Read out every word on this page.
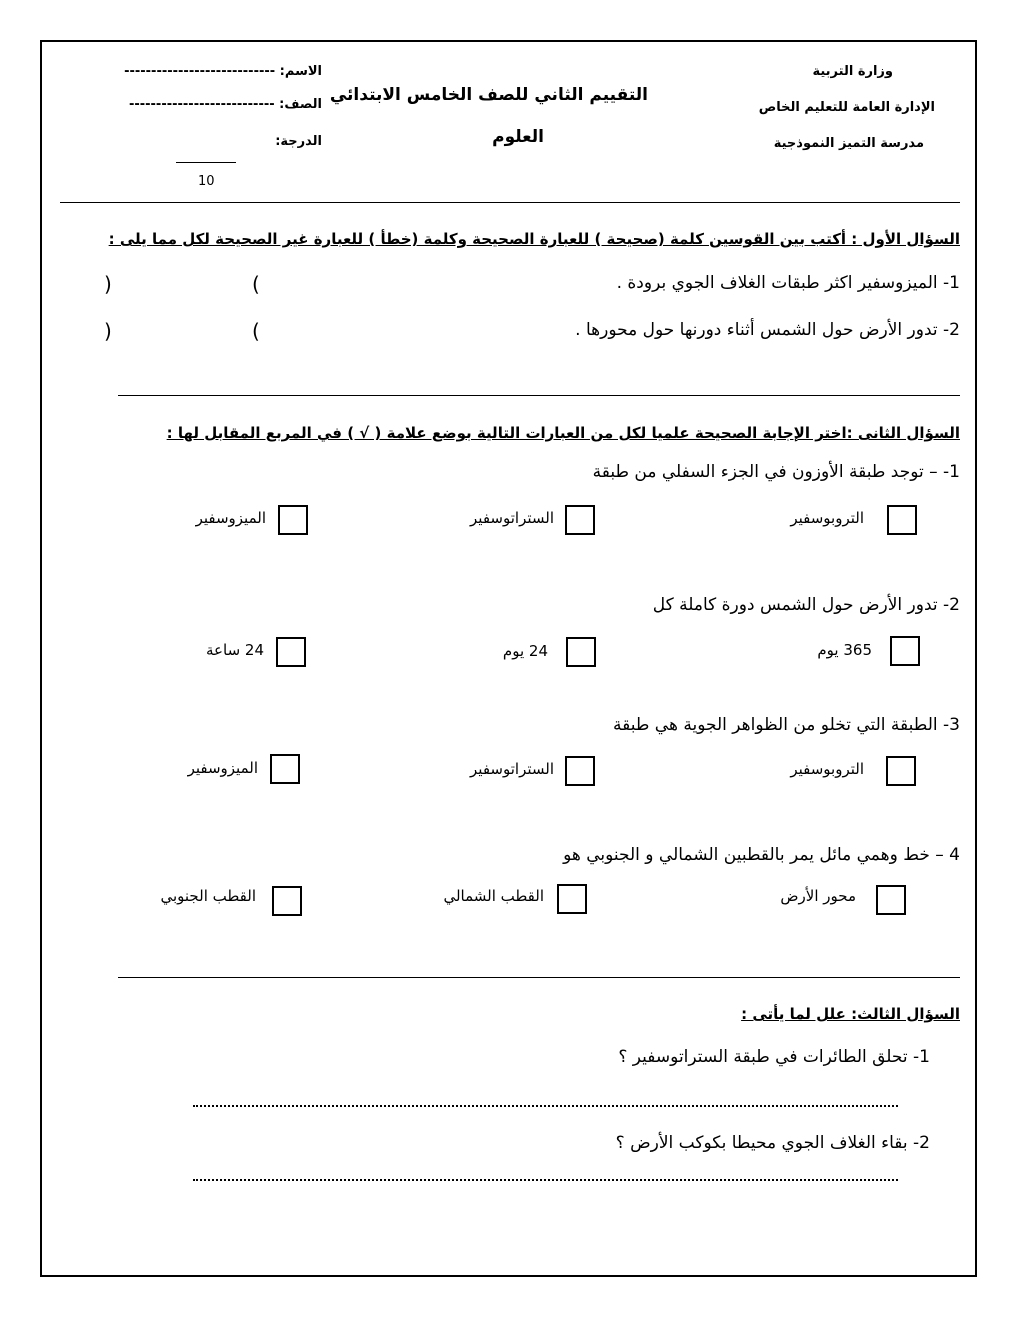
وزارة التربية
الإدارة العامة للتعليم الخاص
مدرسة التميز النموذجية
التقييم الثاني للصف الخامس الابتدائي
العلوم
الاسم: ----------------------------
الصف: ---------------------------
الدرجة:
10
السؤال الأول : أكتب بين القوسين كلمة (صحيحة ) للعبارة الصحيحة وكلمة (خطأ ) للعبارة غير الصحيحة لكل مما يلى :
1- الميزوسفير اكثر طبقات الغلاف الجوي برودة .
(
)
2- تدور الأرض حول الشمس أثناء دورنها حول محورها .
(
)
السؤال الثانى :اختر الإجابة الصحيحة علميا لكل من العبارات التالية بوضع علامة ( √ ) في المربع المقابل لها :
1- – توجد طبقة الأوزون في الجزء السفلي من طبقة
التروبوسفير
الستراتوسفير
الميزوسفير
2- تدور الأرض حول الشمس دورة كاملة كل
365 يوم
24 يوم
24 ساعة
3- الطبقة التي تخلو من الظواهر الجوية هي طبقة
التروبوسفير
الستراتوسفير
الميزوسفير
4 – خط وهمي مائل يمر بالقطبين الشمالي و الجنوبي هو
محور الأرض
القطب الشمالي
القطب الجنوبي
السؤال الثالث: علل لما يأتى :
1- تحلق الطائرات في طبقة الستراتوسفير ؟
2- بقاء الغلاف الجوي محيطا بكوكب الأرض ؟
